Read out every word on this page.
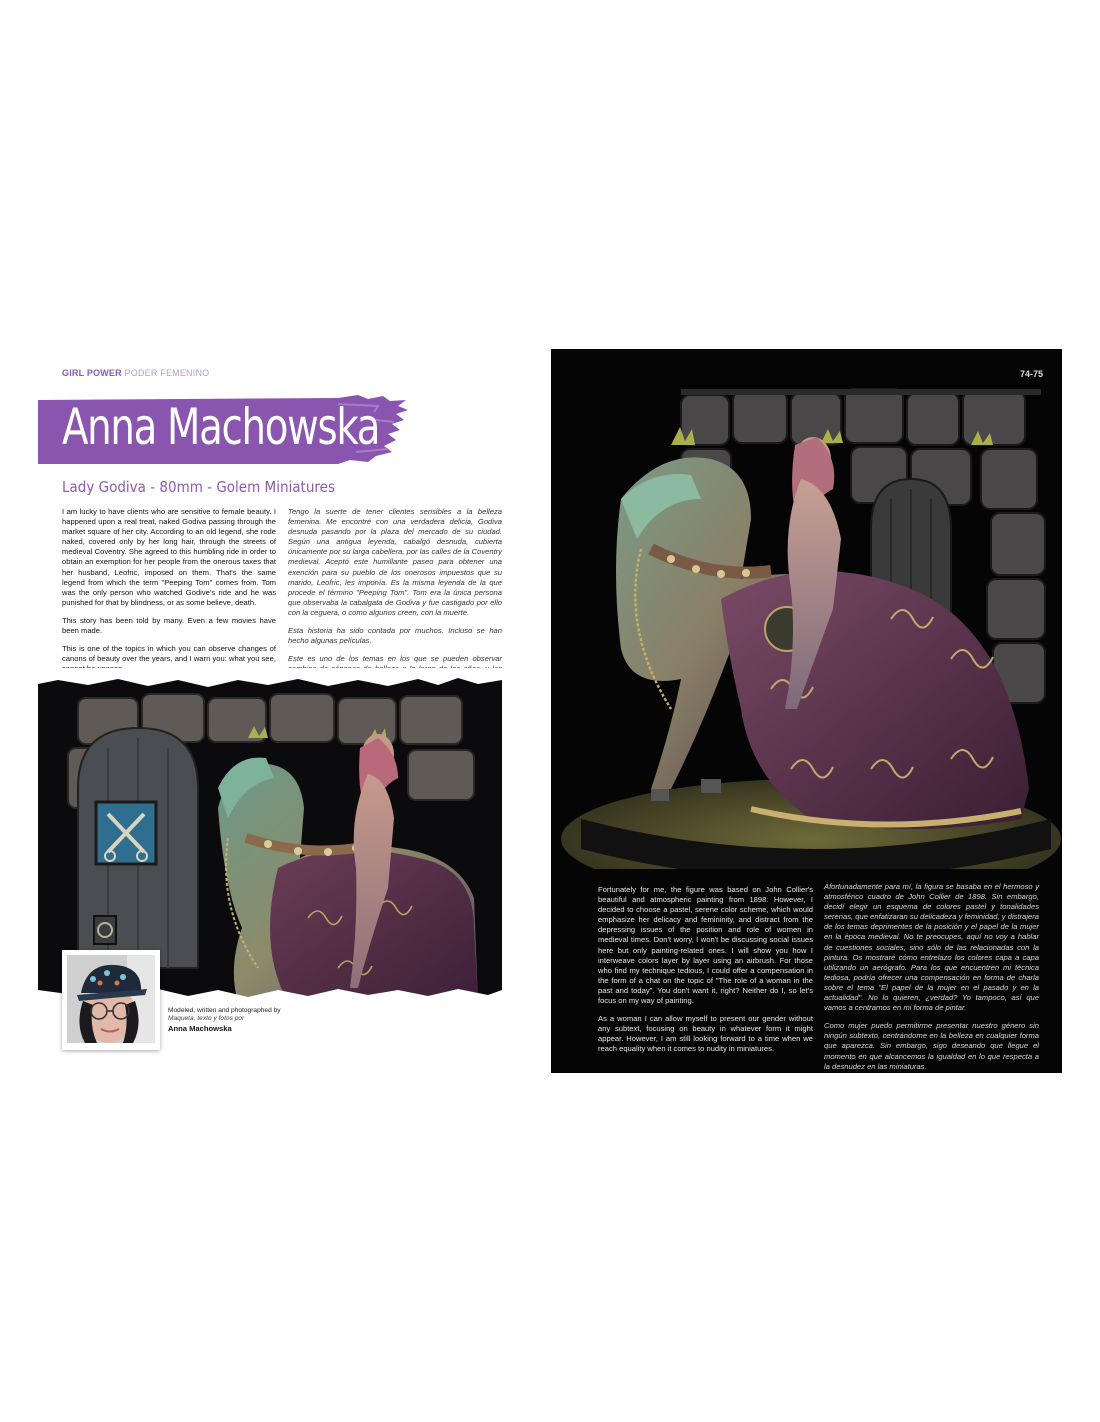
GIRL POWER PODER FEMENINO
Anna Machowska
Lady Godiva - 80mm - Golem Miniatures

I am lucky to have clients who are sensitive to female beauty. I happened upon a real treat, naked Godiva passing through the market square of her city. According to an old legend, she rode naked, covered only by her long hair, through the streets of medieval Coventry. She agreed to this humbling ride in order to obtain an exemption for her people from the onerous taxes that her husband, Leofric, imposed on them. That's the same legend from which the term "Peeping Tom" comes from. Tom was the only person who watched Godive's ride and he was punished for that by blindness, or as some believe, death.

This story has been told by many. Even a few movies have been made.

This is one of the topics in which you can observe changes of canons of beauty over the years, and I warn you: what you see,

Tengo la suerte de tener clientes sensibles a la belleza femenina. Me encontré con una verdadera delicia, Godiva desnuda pasando por la plaza del mercado de su ciudad. Según una antigua leyenda, cabalgó desnuda, cubierta únicamente por su larga cabellera, por las calles de la Coventry medieval. Aceptó este humillante paseo para obtener una exención para su pueblo de los onerosos impuestos que su marido, Leofric, les imponía. Es la misma leyenda de la que procede el término "Peeping Tom". Tom era la única persona que observaba la cabalgata de Godiva y fue castigado por ello con la ceguera, o como algunos creen, con la muerte.

Esta historia ha sido contada por muchos. Incluso se han hecho algunas películas.

Este es uno de los temas en los que se pueden observar

Modeled, written and photographed by
Maqueta, texto y fotos por
Anna Machowska
74-75

Fortunately for me, the figure was based on John Collier's beautiful and atmospheric painting from 1898. However, I decided to choose a pastel, serene color scheme, which would emphasize her delicacy and femininity, and distract from the depressing issues of the position and role of women in medieval times. Don't worry, I won't be discussing social issues here but only painting-related ones. I will show you how I interweave colors layer by layer using an airbrush. For those who find my technique tedious, I could offer a compensation in the form of a chat on the topic of "The role of a woman in the past and today". You don't want it, right? Neither do I, so let's focus on my way of painting.

As a woman I can allow myself to present our gender without any subtext, focusing on beauty in whatever form it might appear. However, I am still looking forward to a time when we reach equality when it comes to nudity in miniatures.

Afortunadamente para mí, la figura se basaba en el hermoso y atmosférico cuadro de John Collier de 1898. Sin embargo, decidí elegir un esquema de colores pastel y tonalidades serenas, que enfatizaran su delicadeza y feminidad, y distrajera de los temas deprimentes de la posición y el papel de la mujer en la época medieval. No te preocupes, aquí no voy a hablar de cuestiones sociales, sino sólo de las relacionadas con la pintura. Os mostraré cómo entrelazo los colores capa a capa utilizando un aerógrafo. Para los que encuentren mi técnica tediosa, podría ofrecer una compensación en forma de charla sobre el tema "El papel de la mujer en el pasado y en la actualidad". No lo quieren, ¿verdad? Yo tampoco, así que vamos a centrarnos en mi forma de pintar.

Como mujer puedo permitirme presentar nuestro género sin ningún subtexto, centrándome en la belleza en cualquier forma que aparezca. Sin embargo, sigo deseando que llegue el momento en que alcancemos la igualdad en lo que respecta a la desnudez en las miniaturas.
